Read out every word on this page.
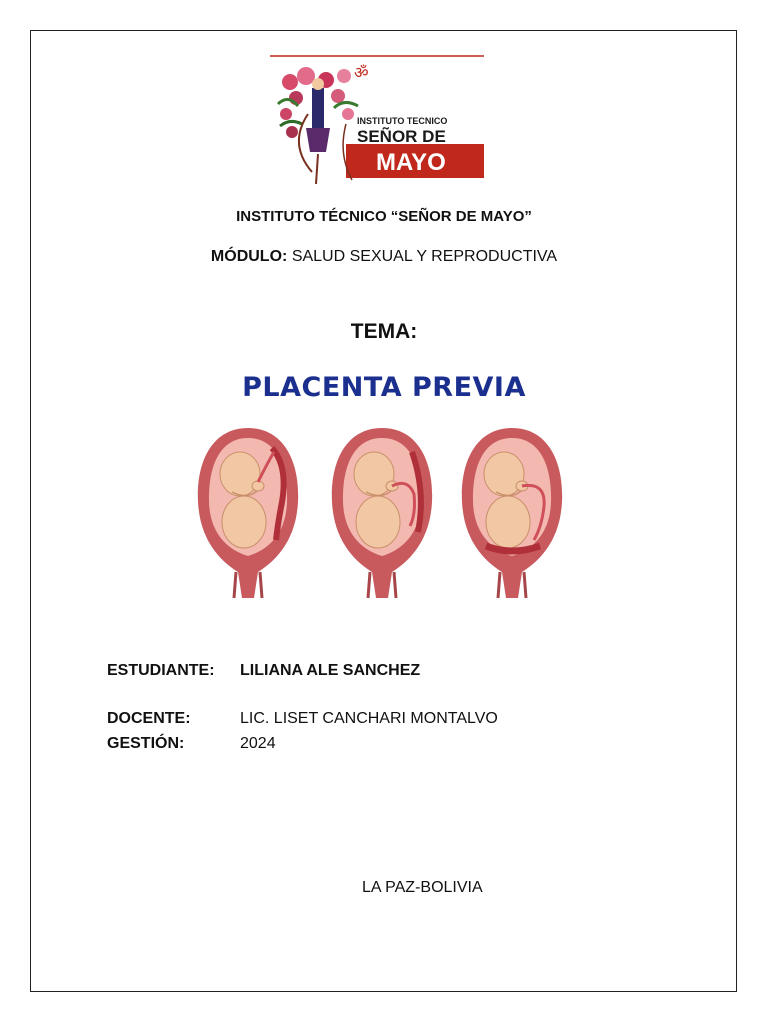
INSTITUTO TECNICO
SEÑOR DE
MAYO
ॐ
INSTITUTO TÉCNICO “SEÑOR DE MAYO”
MÓDULO: SALUD SEXUAL Y REPRODUCTIVA
TEMA:
PLACENTA PREVIA
ESTUDIANTE: LILIANA ALE SANCHEZ
DOCENTE:	LIC. LISET CANCHARI MONTALVO
GESTIÓN:	2024
LA PAZ-BOLIVIA
